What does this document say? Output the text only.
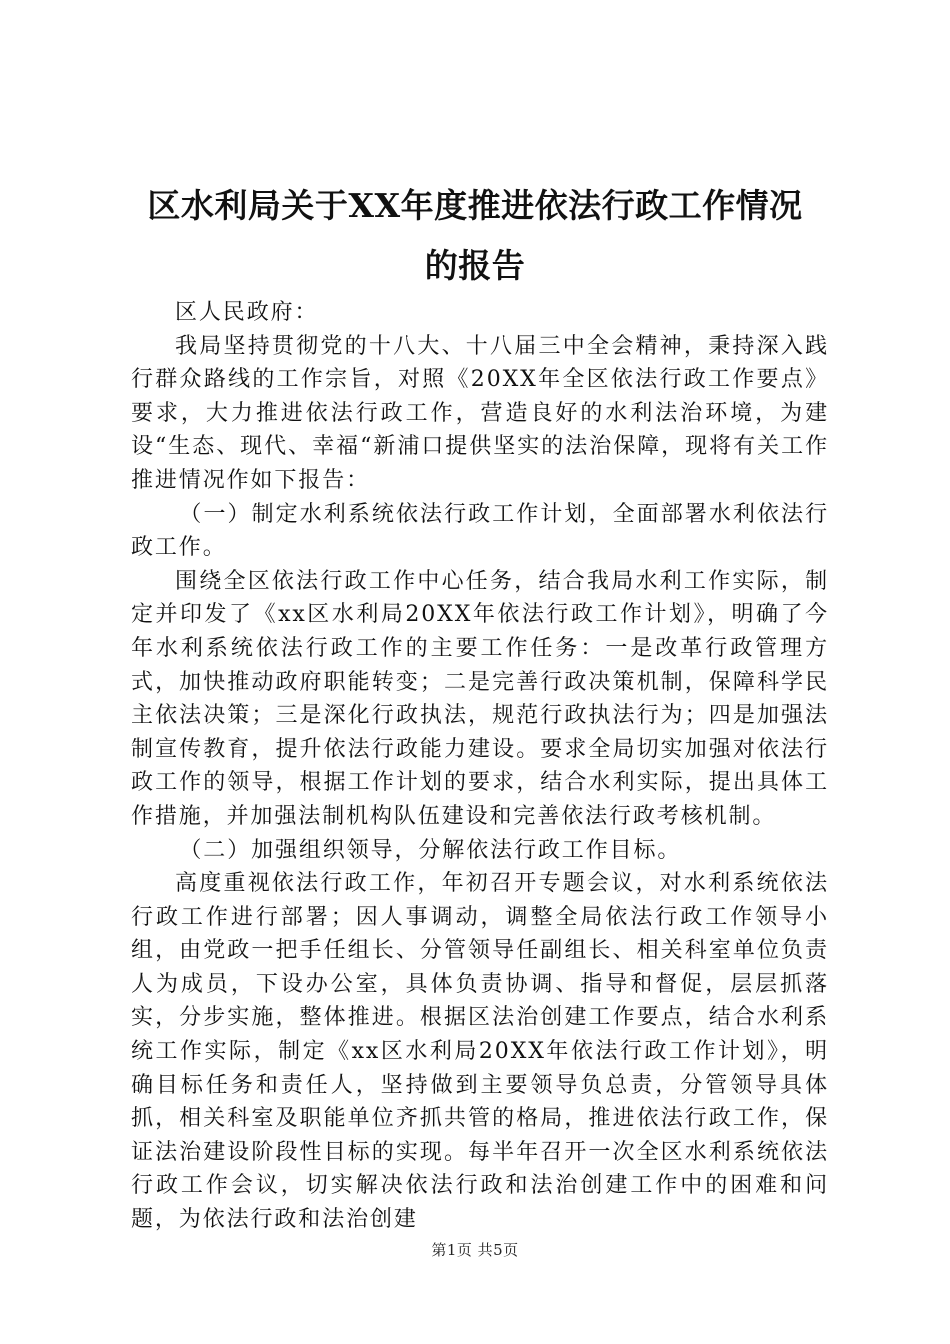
区水利局关于XX年度推进依法行政工作情况
的报告

区人民政府：

我局坚持贯彻党的十八大、十八届三中全会精神，秉持深入践行群众路线的工作宗旨，对照《20XX年全区依法行政工作要点》要求，大力推进依法行政工作，营造良好的水利法治环境，为建设“生态、现代、幸福“新浦口提供坚实的法治保障，现将有关工作推进情况作如下报告：

（一）制定水利系统依法行政工作计划，全面部署水利依法行政工作。

围绕全区依法行政工作中心任务，结合我局水利工作实际，制定并印发了《xx区水利局20XX年依法行政工作计划》，明确了今年水利系统依法行政工作的主要工作任务：一是改革行政管理方式，加快推动政府职能转变；二是完善行政决策机制，保障科学民主依法决策；三是深化行政执法，规范行政执法行为；四是加强法制宣传教育，提升依法行政能力建设。要求全局切实加强对依法行政工作的领导，根据工作计划的要求，结合水利实际，提出具体工作措施，并加强法制机构队伍建设和完善依法行政考核机制。

（二）加强组织领导，分解依法行政工作目标。

高度重视依法行政工作，年初召开专题会议，对水利系统依法行政工作进行部署；因人事调动，调整全局依法行政工作领导小组，由党政一把手任组长、分管领导任副组长、相关科室单位负责人为成员，下设办公室，具体负责协调、指导和督促，层层抓落实，分步实施，整体推进。根据区法治创建工作要点，结合水利系统工作实际，制定《xx区水利局20XX年依法行政工作计划》，明确目标任务和责任人，坚持做到主要领导负总责，分管领导具体抓，相关科室及职能单位齐抓共管的格局，推进依法行政工作，保证法治建设阶段性目标的实现。每半年召开一次全区水利系统依法行政工作会议，切实解决依法行政和法治创建工作中的困难和问题，为依法行政和法治创建

第1页 共5页
